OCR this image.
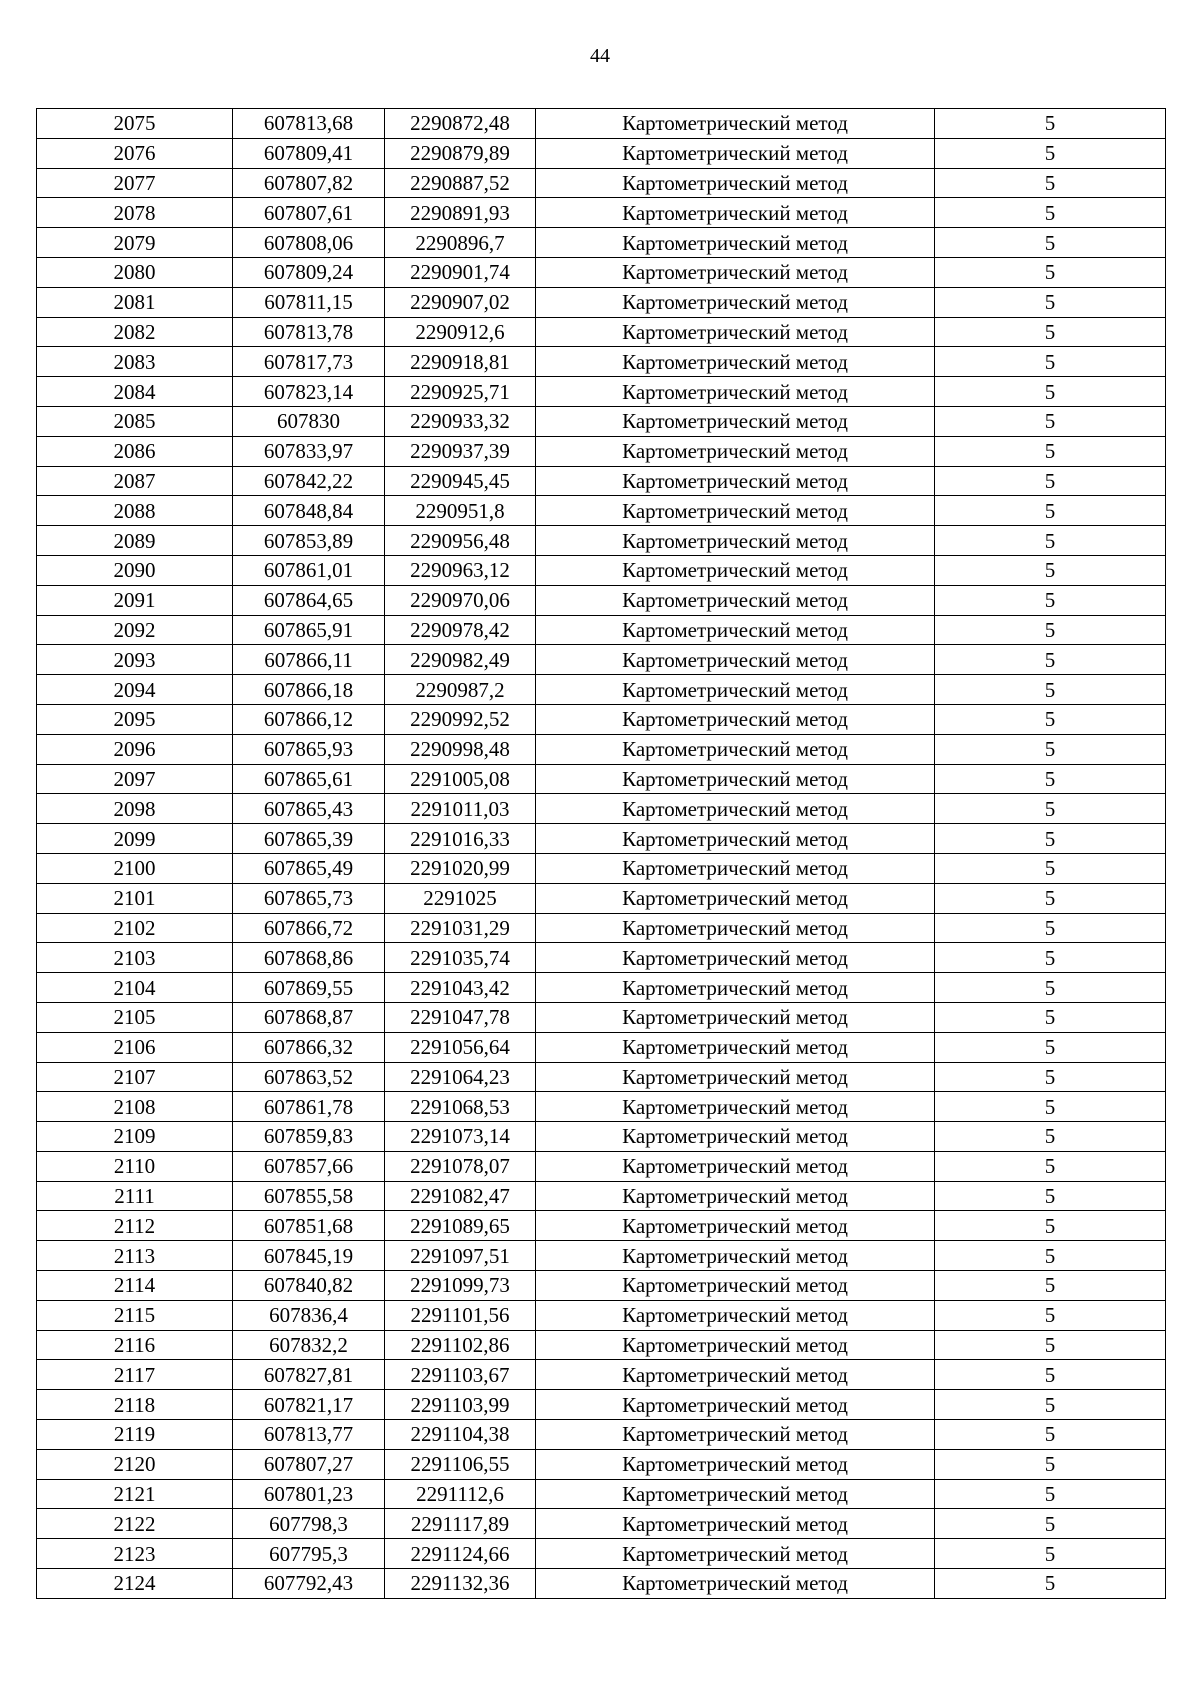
44
2075	607813,68	2290872,48	Картометрический метод	5
2076	607809,41	2290879,89	Картометрический метод	5
2077	607807,82	2290887,52	Картометрический метод	5
2078	607807,61	2290891,93	Картометрический метод	5
2079	607808,06	2290896,7	Картометрический метод	5
2080	607809,24	2290901,74	Картометрический метод	5
2081	607811,15	2290907,02	Картометрический метод	5
2082	607813,78	2290912,6	Картометрический метод	5
2083	607817,73	2290918,81	Картометрический метод	5
2084	607823,14	2290925,71	Картометрический метод	5
2085	607830	2290933,32	Картометрический метод	5
2086	607833,97	2290937,39	Картометрический метод	5
2087	607842,22	2290945,45	Картометрический метод	5
2088	607848,84	2290951,8	Картометрический метод	5
2089	607853,89	2290956,48	Картометрический метод	5
2090	607861,01	2290963,12	Картометрический метод	5
2091	607864,65	2290970,06	Картометрический метод	5
2092	607865,91	2290978,42	Картометрический метод	5
2093	607866,11	2290982,49	Картометрический метод	5
2094	607866,18	2290987,2	Картометрический метод	5
2095	607866,12	2290992,52	Картометрический метод	5
2096	607865,93	2290998,48	Картометрический метод	5
2097	607865,61	2291005,08	Картометрический метод	5
2098	607865,43	2291011,03	Картометрический метод	5
2099	607865,39	2291016,33	Картометрический метод	5
2100	607865,49	2291020,99	Картометрический метод	5
2101	607865,73	2291025	Картометрический метод	5
2102	607866,72	2291031,29	Картометрический метод	5
2103	607868,86	2291035,74	Картометрический метод	5
2104	607869,55	2291043,42	Картометрический метод	5
2105	607868,87	2291047,78	Картометрический метод	5
2106	607866,32	2291056,64	Картометрический метод	5
2107	607863,52	2291064,23	Картометрический метод	5
2108	607861,78	2291068,53	Картометрический метод	5
2109	607859,83	2291073,14	Картометрический метод	5
2110	607857,66	2291078,07	Картометрический метод	5
2111	607855,58	2291082,47	Картометрический метод	5
2112	607851,68	2291089,65	Картометрический метод	5
2113	607845,19	2291097,51	Картометрический метод	5
2114	607840,82	2291099,73	Картометрический метод	5
2115	607836,4	2291101,56	Картометрический метод	5
2116	607832,2	2291102,86	Картометрический метод	5
2117	607827,81	2291103,67	Картометрический метод	5
2118	607821,17	2291103,99	Картометрический метод	5
2119	607813,77	2291104,38	Картометрический метод	5
2120	607807,27	2291106,55	Картометрический метод	5
2121	607801,23	2291112,6	Картометрический метод	5
2122	607798,3	2291117,89	Картометрический метод	5
2123	607795,3	2291124,66	Картометрический метод	5
2124	607792,43	2291132,36	Картометрический метод	5
